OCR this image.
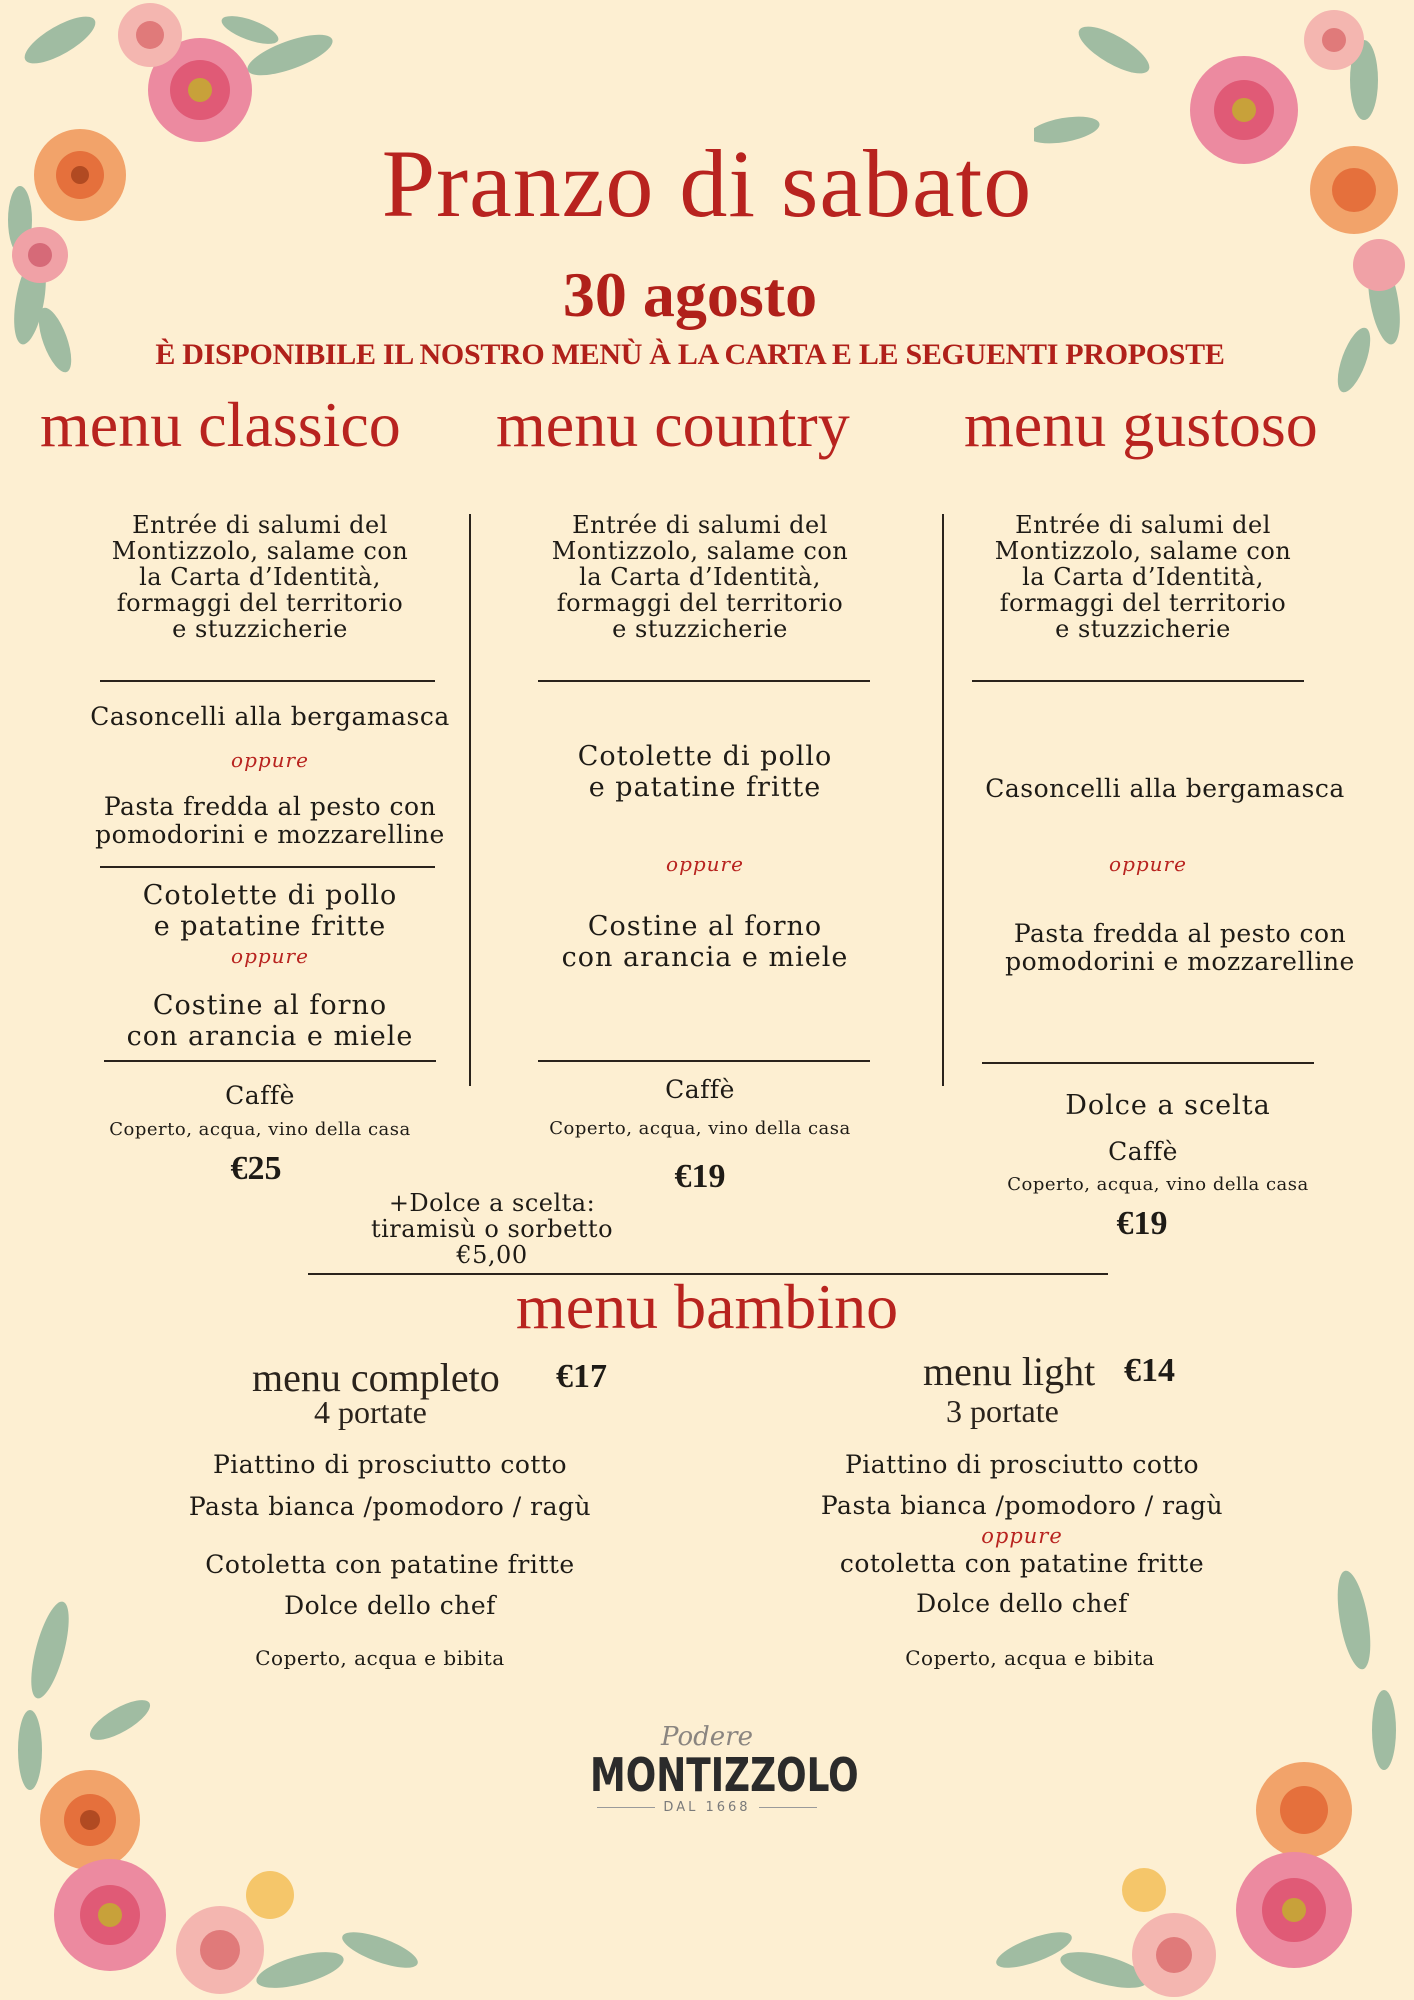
Pranzo di sabato
30 agosto
È DISPONIBILE IL NOSTRO MENÙ À LA CARTA E LE SEGUENTI PROPOSTE
menu classico menu country menu gustoso
Entrée di salumi del
Montizzolo, salame con
la Carta d’Identità,
formaggi del territorio
e stuzzicherie
Casoncelli alla bergamasca
oppure
Pasta fredda al pesto con
pomodorini e mozzarelline
Cotolette di pollo
e patatine fritte
oppure
Costine al forno
con arancia e miele
Caffè
Coperto, acqua, vino della casa
€25
+Dolce a scelta:
tiramisù o sorbetto
€5,00
Entrée di salumi del
Montizzolo, salame con
la Carta d’Identità,
formaggi del territorio
e stuzzicherie
Cotolette di pollo
e patatine fritte
oppure
Costine al forno
con arancia e miele
Caffè
Coperto, acqua, vino della casa
€19
Entrée di salumi del
Montizzolo, salame con
la Carta d’Identità,
formaggi del territorio
e stuzzicherie
Casoncelli alla bergamasca
oppure
Pasta fredda al pesto con
pomodorini e mozzarelline
Dolce a scelta
Caffè
Coperto, acqua, vino della casa
€19
menu bambino
menu completo €17
4 portate
Piattino di prosciutto cotto
Pasta bianca /pomodoro / ragù
Cotoletta con patatine fritte
Dolce dello chef
Coperto, acqua e bibita
menu light €14
3 portate
Piattino di prosciutto cotto
Pasta bianca /pomodoro / ragù
oppure
cotoletta con patatine fritte
Dolce dello chef
Coperto, acqua e bibita
Podere
MONTIZZOLO
DAL 1668
